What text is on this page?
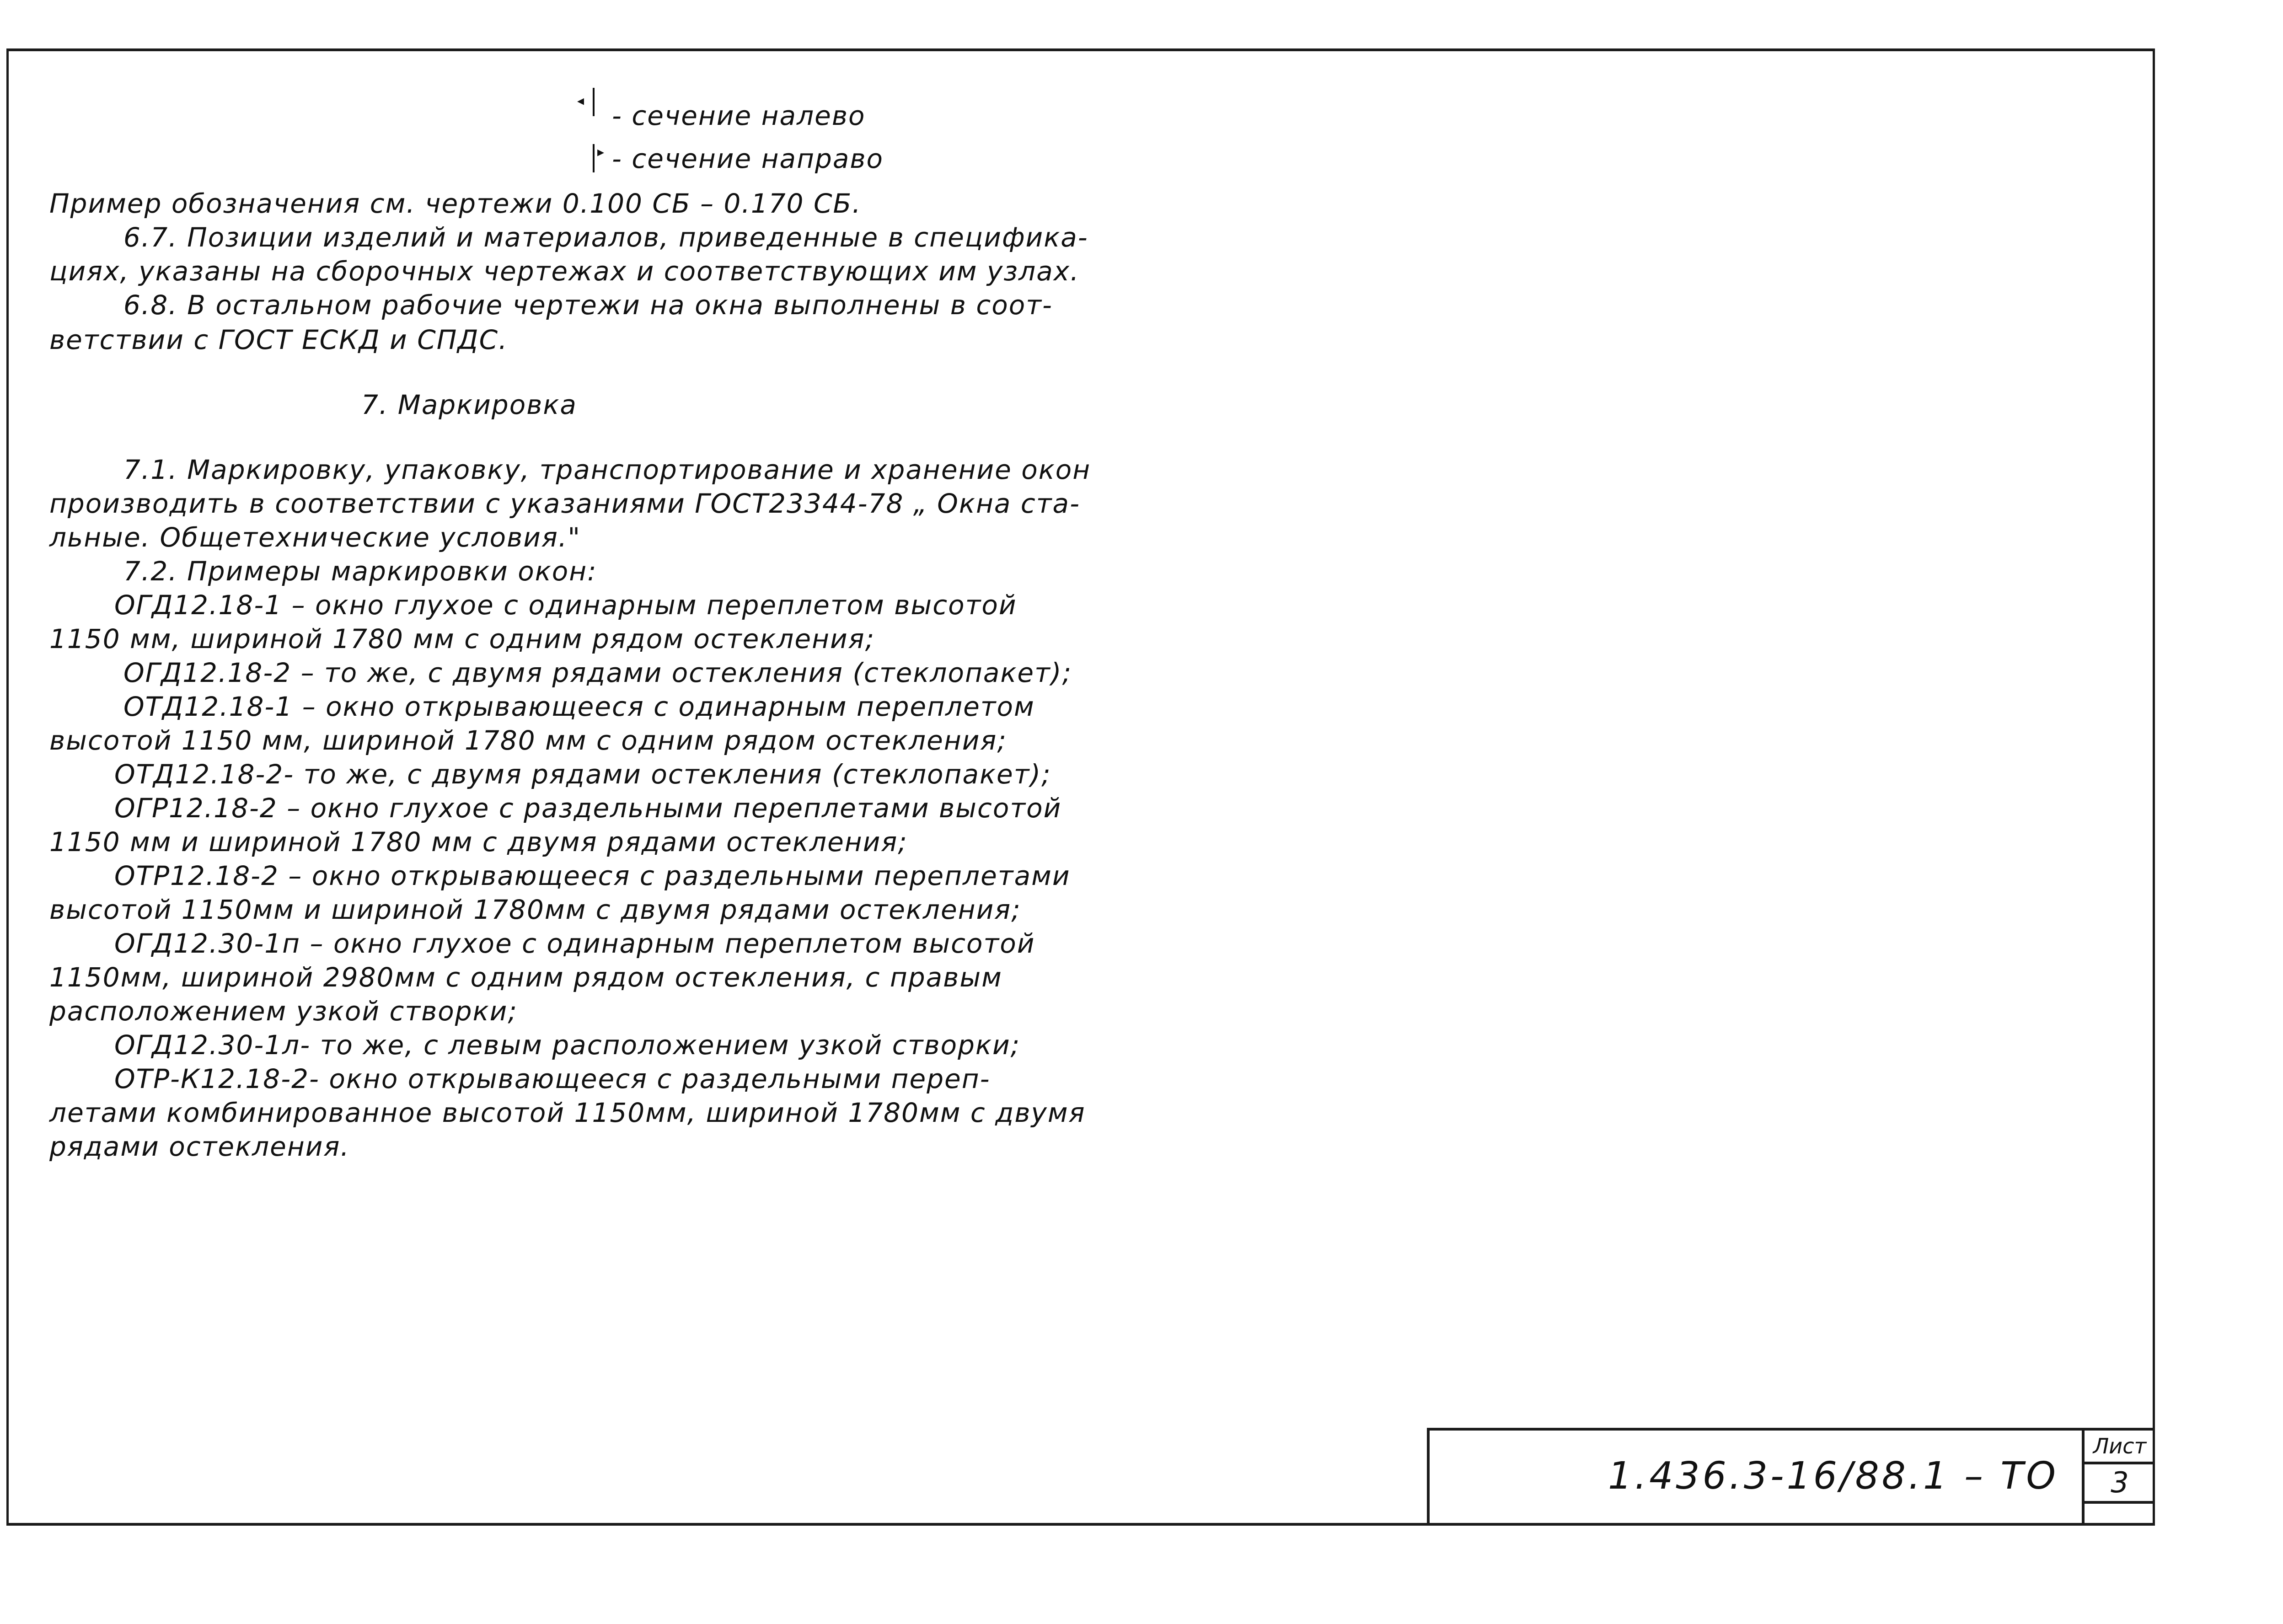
◂ - сечение налево
▸ - сечение направо
Пример обозначения см. чертежи 0.100 СБ – 0.170 СБ.
6.7. Позиции изделий и материалов, приведенные в специфика-
циях, указаны на сборочных чертежах и соответствующих им узлах.
6.8. В остальном рабочие чертежи на окна выполнены в соот-
ветствии с ГОСТ ЕСКД и СПДС.
7. Маркировка
7.1. Маркировку, упаковку, транспортирование и хранение окон
производить в соответствии с указаниями ГОСТ23344-78 „ Окна ста-
льные. Общетехнические условия."
7.2. Примеры маркировки окон:
ОГД12.18-1 – окно глухое с одинарным переплетом высотой
1150 мм, шириной 1780 мм с одним рядом остекления;
ОГД12.18-2 – то же, с двумя рядами остекления (стеклопакет);
ОТД12.18-1 – окно открывающееся с одинарным переплетом
высотой 1150 мм, шириной 1780 мм с одним рядом остекления;
ОТД12.18-2- то же, с двумя рядами остекления (стеклопакет);
ОГР12.18-2 – окно глухое с раздельными переплетами высотой
1150 мм и шириной 1780 мм с двумя рядами остекления;
ОТР12.18-2 – окно открывающееся с раздельными переплетами
высотой 1150мм и шириной 1780мм с двумя рядами остекления;
ОГД12.30-1п – окно глухое с одинарным переплетом высотой
1150мм, шириной 2980мм с одним рядом остекления, с правым
расположением узкой створки;
ОГД12.30-1л- то же, с левым расположением узкой створки;
ОТР-К12.18-2- окно открывающееся с раздельными переп-
летами комбинированное высотой 1150мм, шириной 1780мм с двумя
рядами остекления.
1.436.3-16/88.1 – ТО
Лист
3
